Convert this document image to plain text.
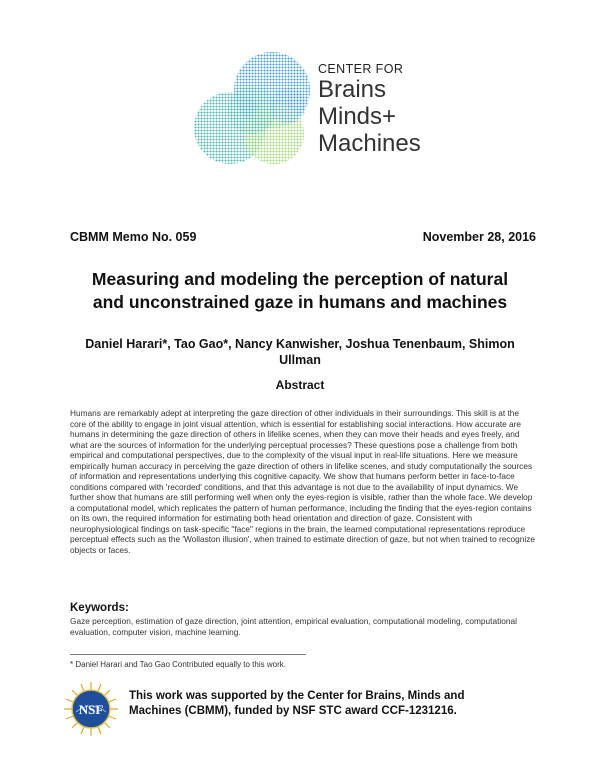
CENTER FOR
Brains
Minds+
Machines
CBMM Memo No. 059	November 28, 2016
Measuring and modeling the perception of natural
and unconstrained gaze in humans and machines
Daniel Harari*, Tao Gao*, Nancy Kanwisher, Joshua Tenenbaum, Shimon
Ullman
Abstract
Humans are remarkably adept at interpreting the gaze direction of other individuals in their surroundings. This skill is at the core of the ability to engage in joint visual attention, which is essential for establishing social interactions. How accurate are humans in determining the gaze direction of others in lifelike scenes, when they can move their heads and eyes freely, and what are the sources of information for the underlying perceptual processes? These questions pose a challenge from both empirical and computational perspectives, due to the complexity of the visual input in real-life situations. Here we measure empirically human accuracy in perceiving the gaze direction of others in lifelike scenes, and study computationally the sources of information and representations underlying this cognitive capacity. We show that humans perform better in face-to-face conditions compared with 'recorded' conditions, and that this advantage is not due to the availability of input dynamics. We further show that humans are still performing well when only the eyes-region is visible, rather than the whole face. We develop a computational model, which replicates the pattern of human performance, including the finding that the eyes-region contains on its own, the required information for estimating both head orientation and direction of gaze. Consistent with neurophysiological findings on task-specific "face" regions in the brain, the learned computational representations reproduce perceptual effects such as the 'Wollaston illusion', when trained to estimate direction of gaze, but not when trained to recognize objects or faces.
Keywords:
Gaze perception, estimation of gaze direction, joint attention, empirical evaluation, computational modeling, computational evaluation, computer vision, machine learning.
* Daniel Harari and Tao Gao Contributed equally to this work.
NSF
This work was supported by the Center for Brains, Minds and
Machines (CBMM), funded by NSF STC award CCF-1231216.
